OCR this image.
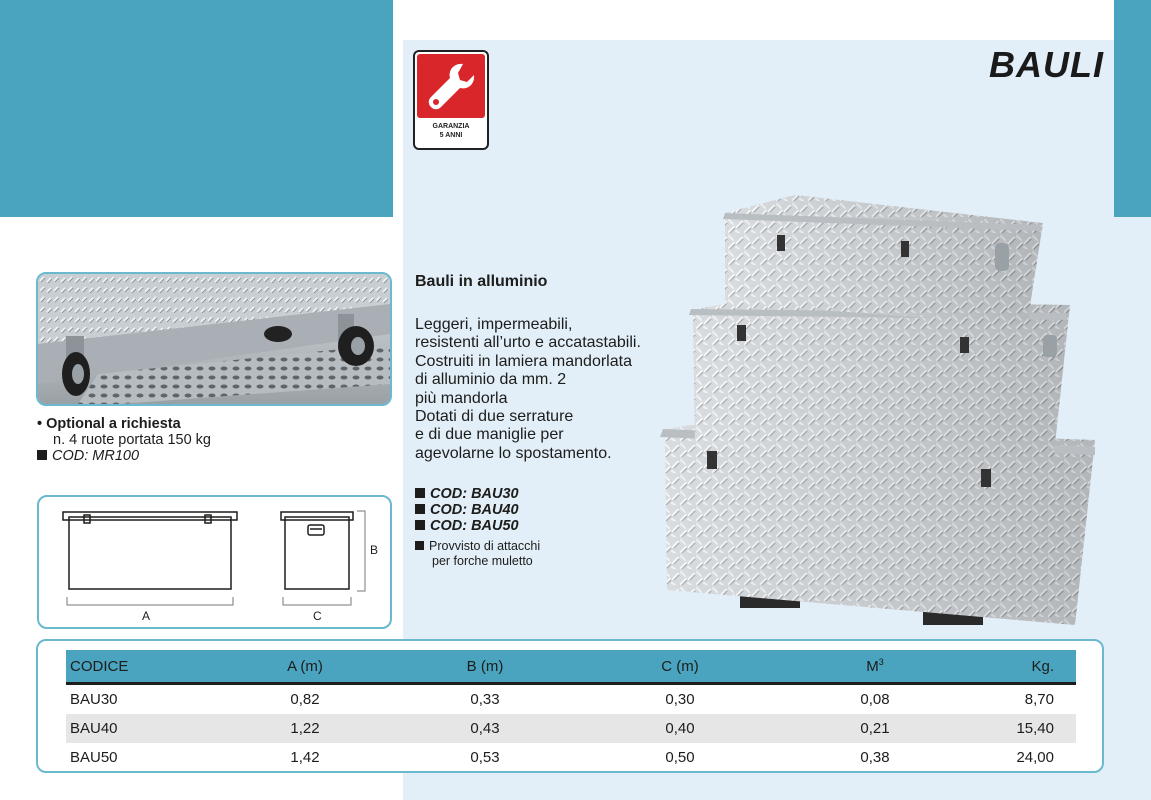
GARANZIA
5 ANNI
BAULI
• Optional a richiesta
n. 4 ruote portata 150 kg
COD: MR100
A	C
B
Bauli in alluminio
Leggeri, impermeabili,
resistenti all’urto e accatastabili.
Costruiti in lamiera mandorlata
di alluminio da mm. 2
più mandorla
Dotati di due serrature
e di due maniglie per
agevolarne lo spostamento.
COD: BAU30
COD: BAU40
COD: BAU50
Provvisto di attacchi
per forche muletto
CODICE	A (m)	B (m)	C (m)	$M^3$	Kg.
BAU30	0,82	0,33	0,30	0,08	8,70
BAU40	1,22	0,43	0,40	0,21	15,40
BAU50	1,42	0,53	0,50	0,38	24,00
